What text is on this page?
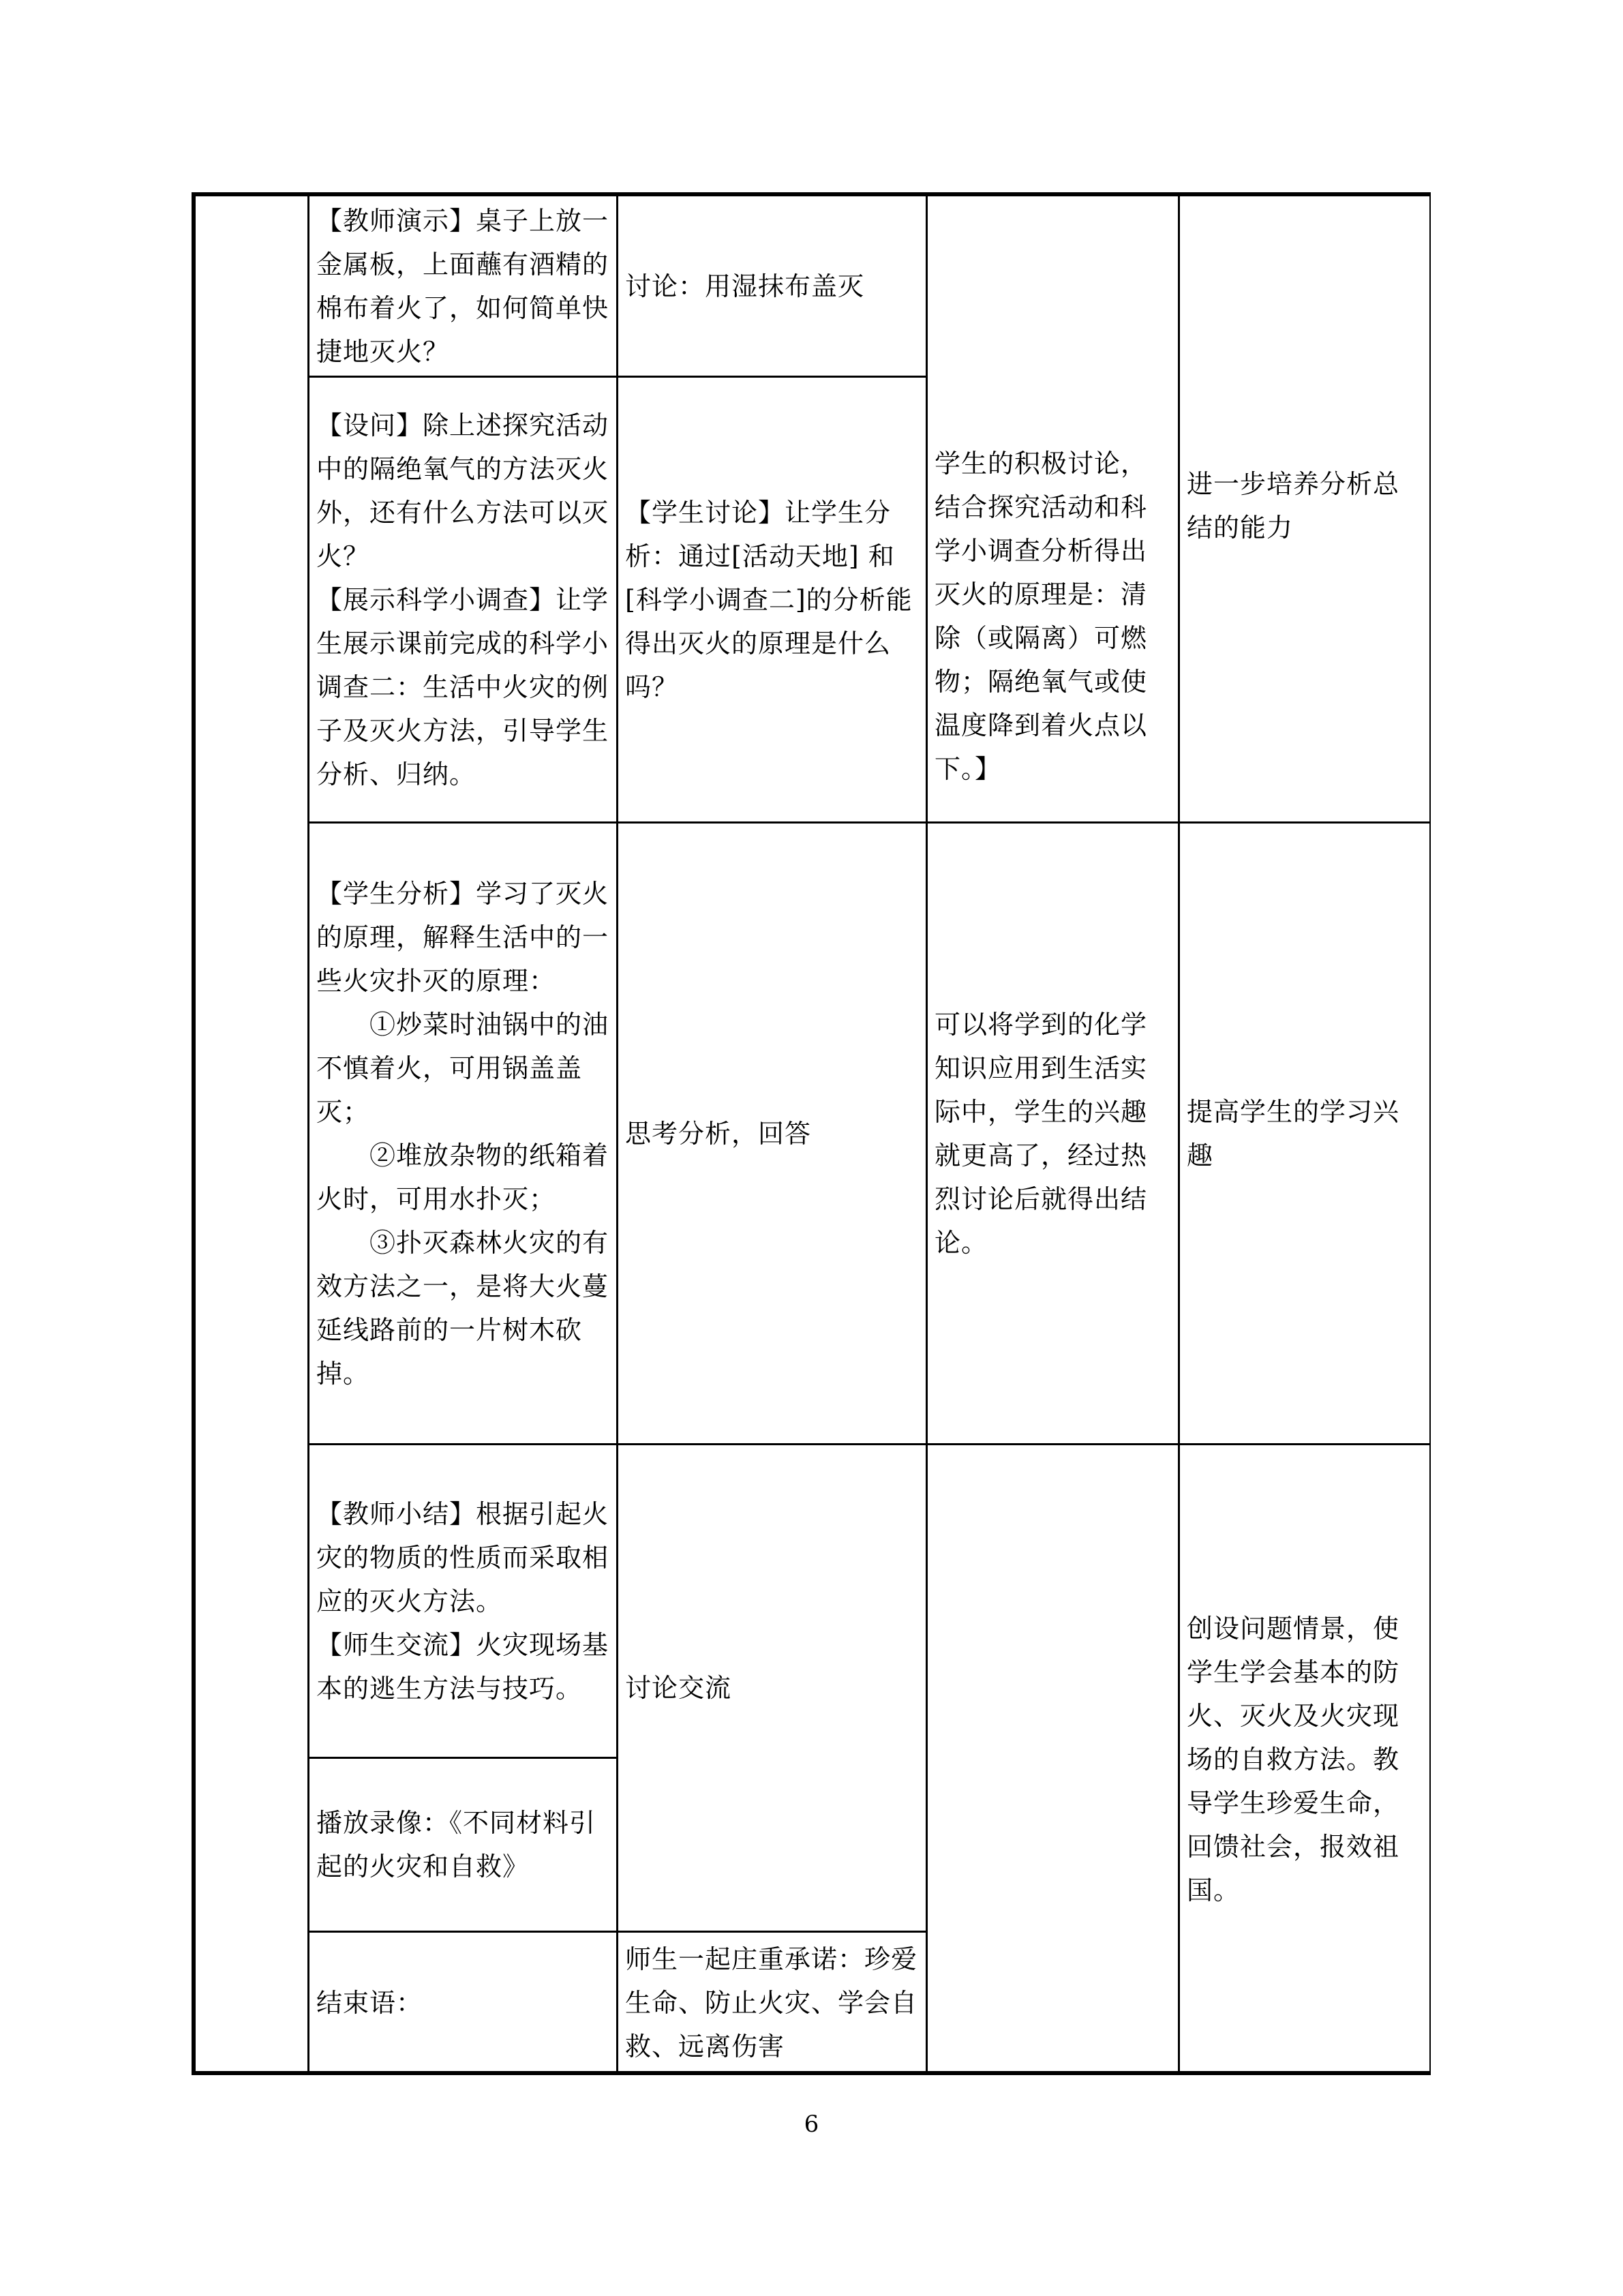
【教师演示】桌子上放一金属板，上面蘸有酒精的棉布着火了，如何简单快捷地灭火？
讨论：用湿抹布盖灭
【设问】除上述探究活动中的隔绝氧气的方法灭火外，还有什么方法可以灭火？
【展示科学小调查】让学生展示课前完成的科学小调查二：生活中火灾的例子及灭火方法，引导学生分析、归纳。
【学生讨论】让学生分析：通过[活动天地] 和[科学小调查二]的分析能得出灭火的原理是什么吗？
学生的积极讨论，结合探究活动和科学小调查分析得出灭火的原理是：清除（或隔离）可燃物；隔绝氧气或使温度降到着火点以下。】
进一步培养分析总结的能力
【学生分析】学习了灭火的原理，解释生活中的一些火灾扑灭的原理：
　　①炒菜时油锅中的油不慎着火，可用锅盖盖灭；
　　②堆放杂物的纸箱着火时，可用水扑灭；
　　③扑灭森林火灾的有效方法之一，是将大火蔓延线路前的一片树木砍掉。
思考分析，回答
可以将学到的化学知识应用到生活实际中，学生的兴趣就更高了，经过热烈讨论后就得出结论。
提高学生的学习兴趣
【教师小结】根据引起火灾的物质的性质而采取相应的灭火方法。
【师生交流】火灾现场基本的逃生方法与技巧。
播放录像：《不同材料引起的火灾和自救》
讨论交流
结束语：
师生一起庄重承诺：珍爱生命、防止火灾、学会自救、远离伤害
创设问题情景，使学生学会基本的防火、灭火及火灾现场的自救方法。教导学生珍爱生命，回馈社会，报效祖国。
6
